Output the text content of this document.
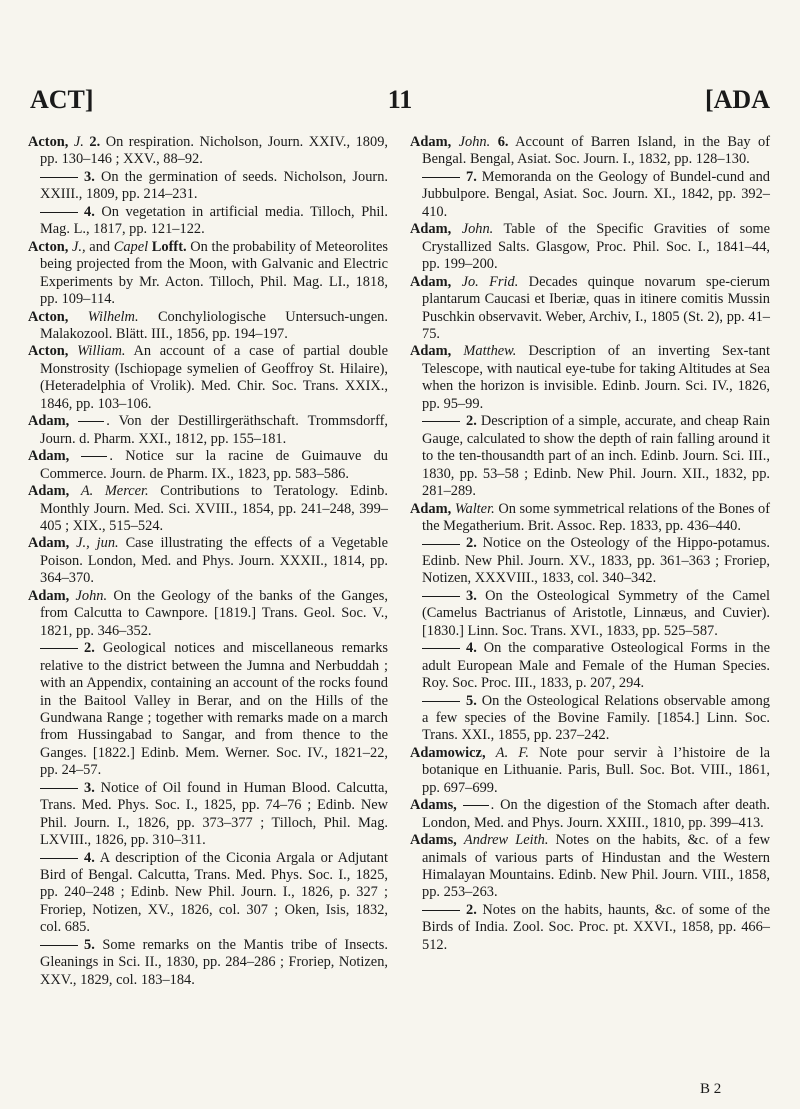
ACT]	11	[ADA

Acton, J. 2. On respiration. Nicholson, Journ. XXIV., 1809, pp. 130–146 ; XXV., 88–92.

3. On the germination of seeds. Nicholson, Journ. XXIII., 1809, pp. 214–231.

4. On vegetation in artificial media. Tilloch, Phil. Mag. L., 1817, pp. 121–122.

Acton, J., and Capel Lofft. On the probability of Meteorolites being projected from the Moon, with Galvanic and Electric Experiments by Mr. Acton. Tilloch, Phil. Mag. LI., 1818, pp. 109–114.

Acton, Wilhelm. Conchyliologische Untersuch-ungen. Malakozool. Blätt. III., 1856, pp. 194–197.

Acton, William. An account of a case of partial double Monstrosity (Ischiopage symelien of Geoffroy St. Hilaire), (Heteradelphia of Vrolik). Med. Chir. Soc. Trans. XXIX., 1846, pp. 103–106.

Adam,	. Von der Destillirgeräthschaft. Trommsdorff, Journ. d. Pharm. XXI., 1812, pp. 155–181.

Adam,	. Notice sur la racine de Guimauve du Commerce. Journ. de Pharm. IX., 1823, pp. 583–586.

Adam, A. Mercer. Contributions to Teratology. Edinb. Monthly Journ. Med. Sci. XVIII., 1854, pp. 241–248, 399–405 ; XIX., 515–524.

Adam, J., jun. Case illustrating the effects of a Vegetable Poison. London, Med. and Phys. Journ. XXXII., 1814, pp. 364–370.

Adam, John. On the Geology of the banks of the Ganges, from Calcutta to Cawnpore. [1819.] Trans. Geol. Soc. V., 1821, pp. 346–352.

2. Geological notices and miscellaneous remarks relative to the district between the Jumna and Nerbuddah ; with an Appendix, containing an account of the rocks found in the Baitool Valley in Berar, and on the Hills of the Gundwana Range ; together with remarks made on a march from Hussingabad to Sangar, and from thence to the Ganges. [1822.] Edinb. Mem. Werner. Soc. IV., 1821–22, pp. 24–57.

3. Notice of Oil found in Human Blood. Calcutta, Trans. Med. Phys. Soc. I., 1825, pp. 74–76 ; Edinb. New Phil. Journ. I., 1826, pp. 373–377 ; Tilloch, Phil. Mag. LXVIII., 1826, pp. 310–311.

4. A description of the Ciconia Argala or Adjutant Bird of Bengal. Calcutta, Trans. Med. Phys. Soc. I., 1825, pp. 240–248 ; Edinb. New Phil. Journ. I., 1826, p. 327 ; Froriep, Notizen, XV., 1826, col. 307 ; Oken, Isis, 1832, col. 685.

5. Some remarks on the Mantis tribe of Insects. Gleanings in Sci. II., 1830, pp. 284–286 ; Froriep, Notizen, XXV., 1829, col. 183–184.

Adam, John. 6. Account of Barren Island, in the Bay of Bengal. Bengal, Asiat. Soc. Journ. I., 1832, pp. 128–130.

7. Memoranda on the Geology of Bundel-cund and Jubbulpore. Bengal, Asiat. Soc. Journ. XI., 1842, pp. 392–410.

Adam, John. Table of the Specific Gravities of some Crystallized Salts. Glasgow, Proc. Phil. Soc. I., 1841–44, pp. 199–200.

Adam, Jo. Frid. Decades quinque novarum spe-cierum plantarum Caucasi et Iberiæ, quas in itinere comitis Mussin Puschkin observavit. Weber, Archiv, I., 1805 (St. 2), pp. 41–75.

Adam, Matthew. Description of an inverting Sex-tant Telescope, with nautical eye-tube for taking Altitudes at Sea when the horizon is invisible. Edinb. Journ. Sci. IV., 1826, pp. 95–99.

2. Description of a simple, accurate, and cheap Rain Gauge, calculated to show the depth of rain falling around it to the ten-thousandth part of an inch. Edinb. Journ. Sci. III., 1830, pp. 53–58 ; Edinb. New Phil. Journ. XII., 1832, pp. 281–289.

Adam, Walter. On some symmetrical relations of the Bones of the Megatherium. Brit. Assoc. Rep. 1833, pp. 436–440.

2. Notice on the Osteology of the Hippo-potamus. Edinb. New Phil. Journ. XV., 1833, pp. 361–363 ; Froriep, Notizen, XXXVIII., 1833, col. 340–342.

3. On the Osteological Symmetry of the Camel (Camelus Bactrianus of Aristotle, Linnæus, and Cuvier). [1830.] Linn. Soc. Trans. XVI., 1833, pp. 525–587.

4. On the comparative Osteological Forms in the adult European Male and Female of the Human Species. Roy. Soc. Proc. III., 1833, p. 207, 294.

5. On the Osteological Relations observable among a few species of the Bovine Family. [1854.] Linn. Soc. Trans. XXI., 1855, pp. 237–242.

Adamowicz, A. F. Note pour servir à l’histoire de la botanique en Lithuanie. Paris, Bull. Soc. Bot. VIII., 1861, pp. 697–699.

Adams, . On the digestion of the Stomach after death. London, Med. and Phys. Journ. XXIII., 1810, pp. 399–413.

Adams, Andrew Leith. Notes on the habits, &c. of a few animals of various parts of Hindustan and the Western Himalayan Mountains. Edinb. New Phil. Journ. VIII., 1858, pp. 253–263.

2. Notes on the habits, haunts, &c. of some of the Birds of India. Zool. Soc. Proc. pt. XXVI., 1858, pp. 466–512.

B 2
